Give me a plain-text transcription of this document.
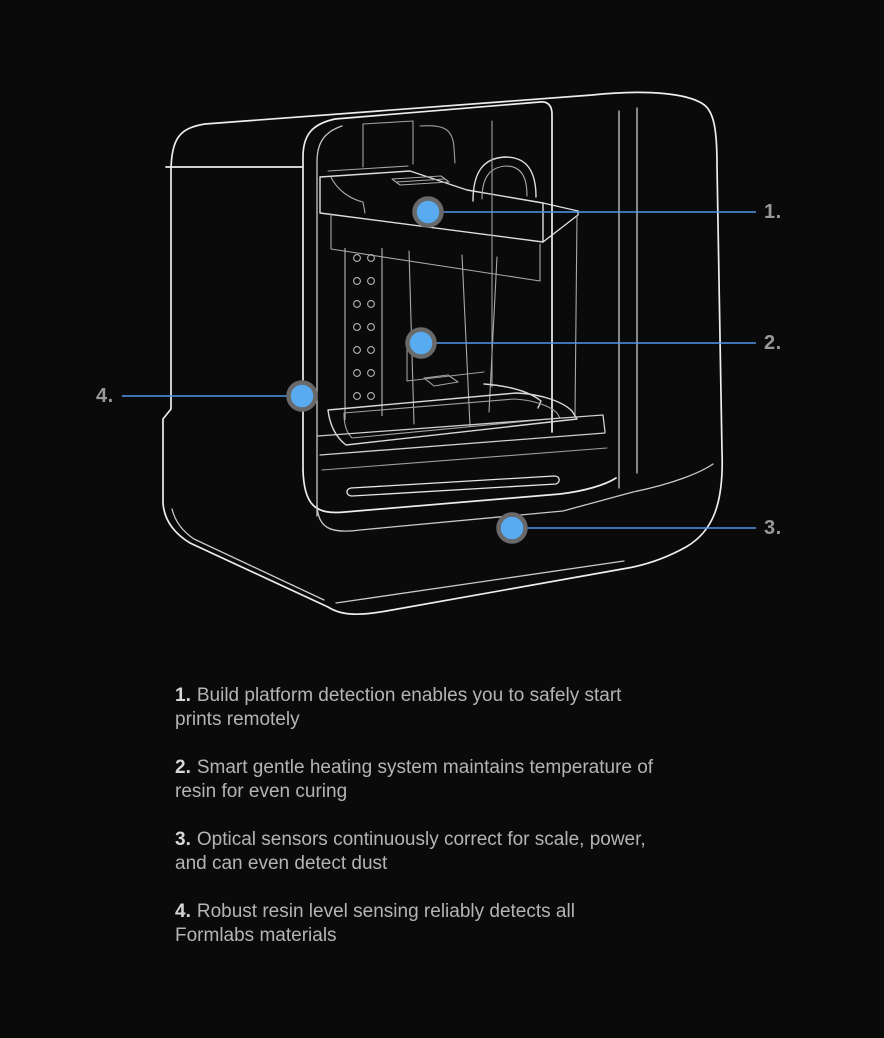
1.
2.
3.
4.

1. Build platform detection enables you to safely start
prints remotely

2. Smart gentle heating system maintains temperature of
resin for even curing

3. Optical sensors continuously correct for scale, power,
and can even detect dust

4. Robust resin level sensing reliably detects all
Formlabs materials
